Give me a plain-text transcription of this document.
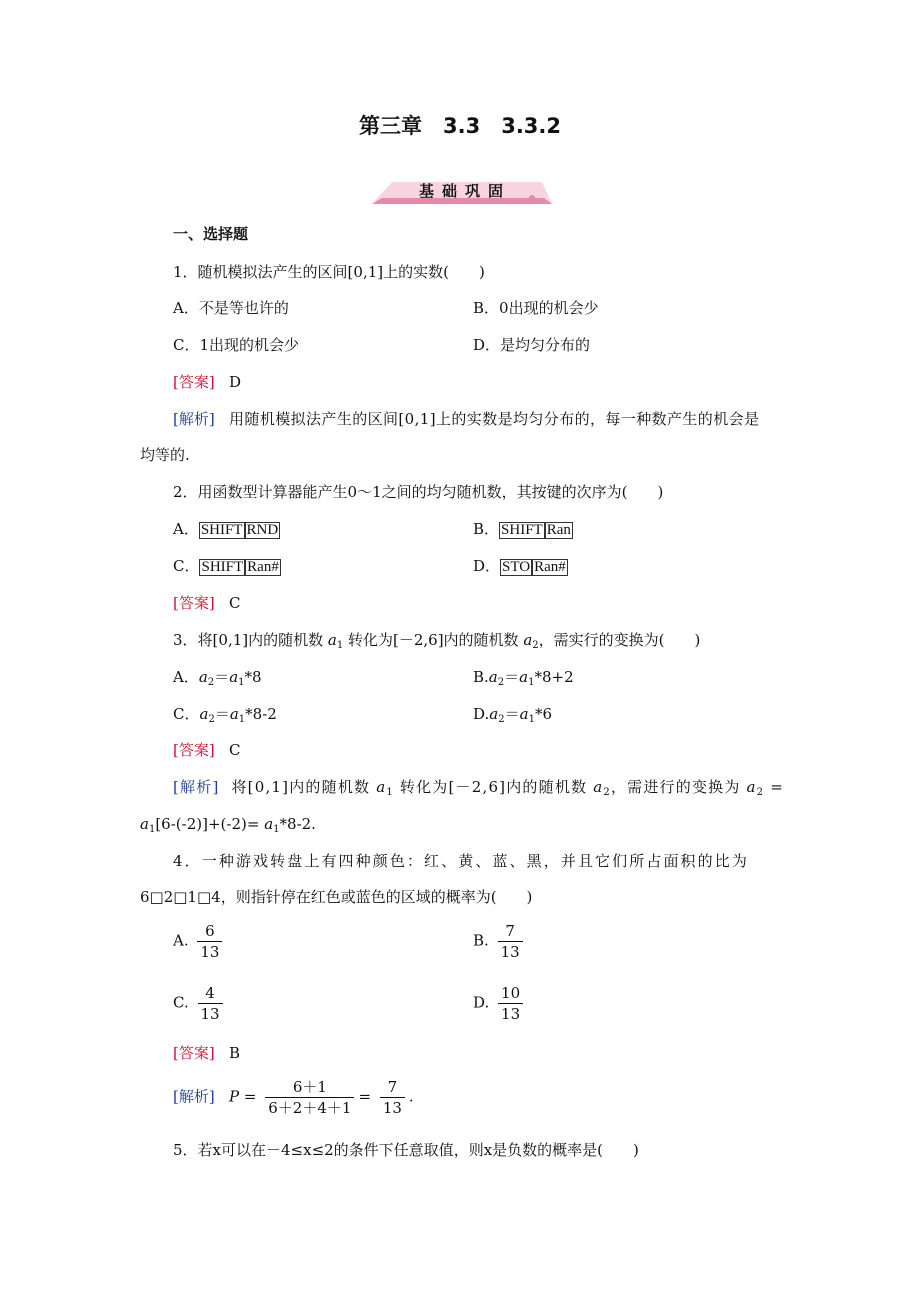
第三章　3.3　3.3.2
基础巩固
一、选择题
1．随机模拟法产生的区间[0,1]上的实数(　　)
A．不是等也许的	B．0出现的机会少
C．1出现的机会少	D．是均匀分布的
[答案] D
[解析] 用随机模拟法产生的区间[0,1]上的实数是均匀分布的，每一种数产生的机会是
均等的.
2．用函数型计算器能产生0～1之间的均匀随机数，其按键的次序为(　　)
A． SHIFT RND	B． SHIFT Ran
C． SHIFT Ran#	D． STO Ran#
[答案] C
3．将[0,1]内的随机数 $a_1$ 转化为[－2,6]内的随机数 $a_2$，需实行的变换为(　　)
A．$a_2=a_1*8$	$B.a_2=a_1*8+2$
C．$a_2=a_1*8-2$	$D.a_2=a_1*6$
[答案] C
[解析] 将[0,1]内的随机数 $a_1$ 转化为[－2,6]内的随机数 $a_2$，需进行的变换为 $a_2$ =
$a_1[6-(-2)]+(-2)= a_1*8-2$.
4．一种游戏转盘上有四种颜色：红、黄、蓝、黑，并且它们所占面积的比为
6□2□1□4，则指针停在红色或蓝色的区域的概率为(　　)
A. $\frac{6}{13}$	B. $\frac{7}{13}$
C. $\frac{4}{13}$	D. $\frac{10}{13}$
[答案] B
[解析] $P = \frac{6+1}{6+2+4+1} = \frac{7}{13}$ .
5．若x可以在－4≤x≤2的条件下任意取值，则x是负数的概率是(　　)
